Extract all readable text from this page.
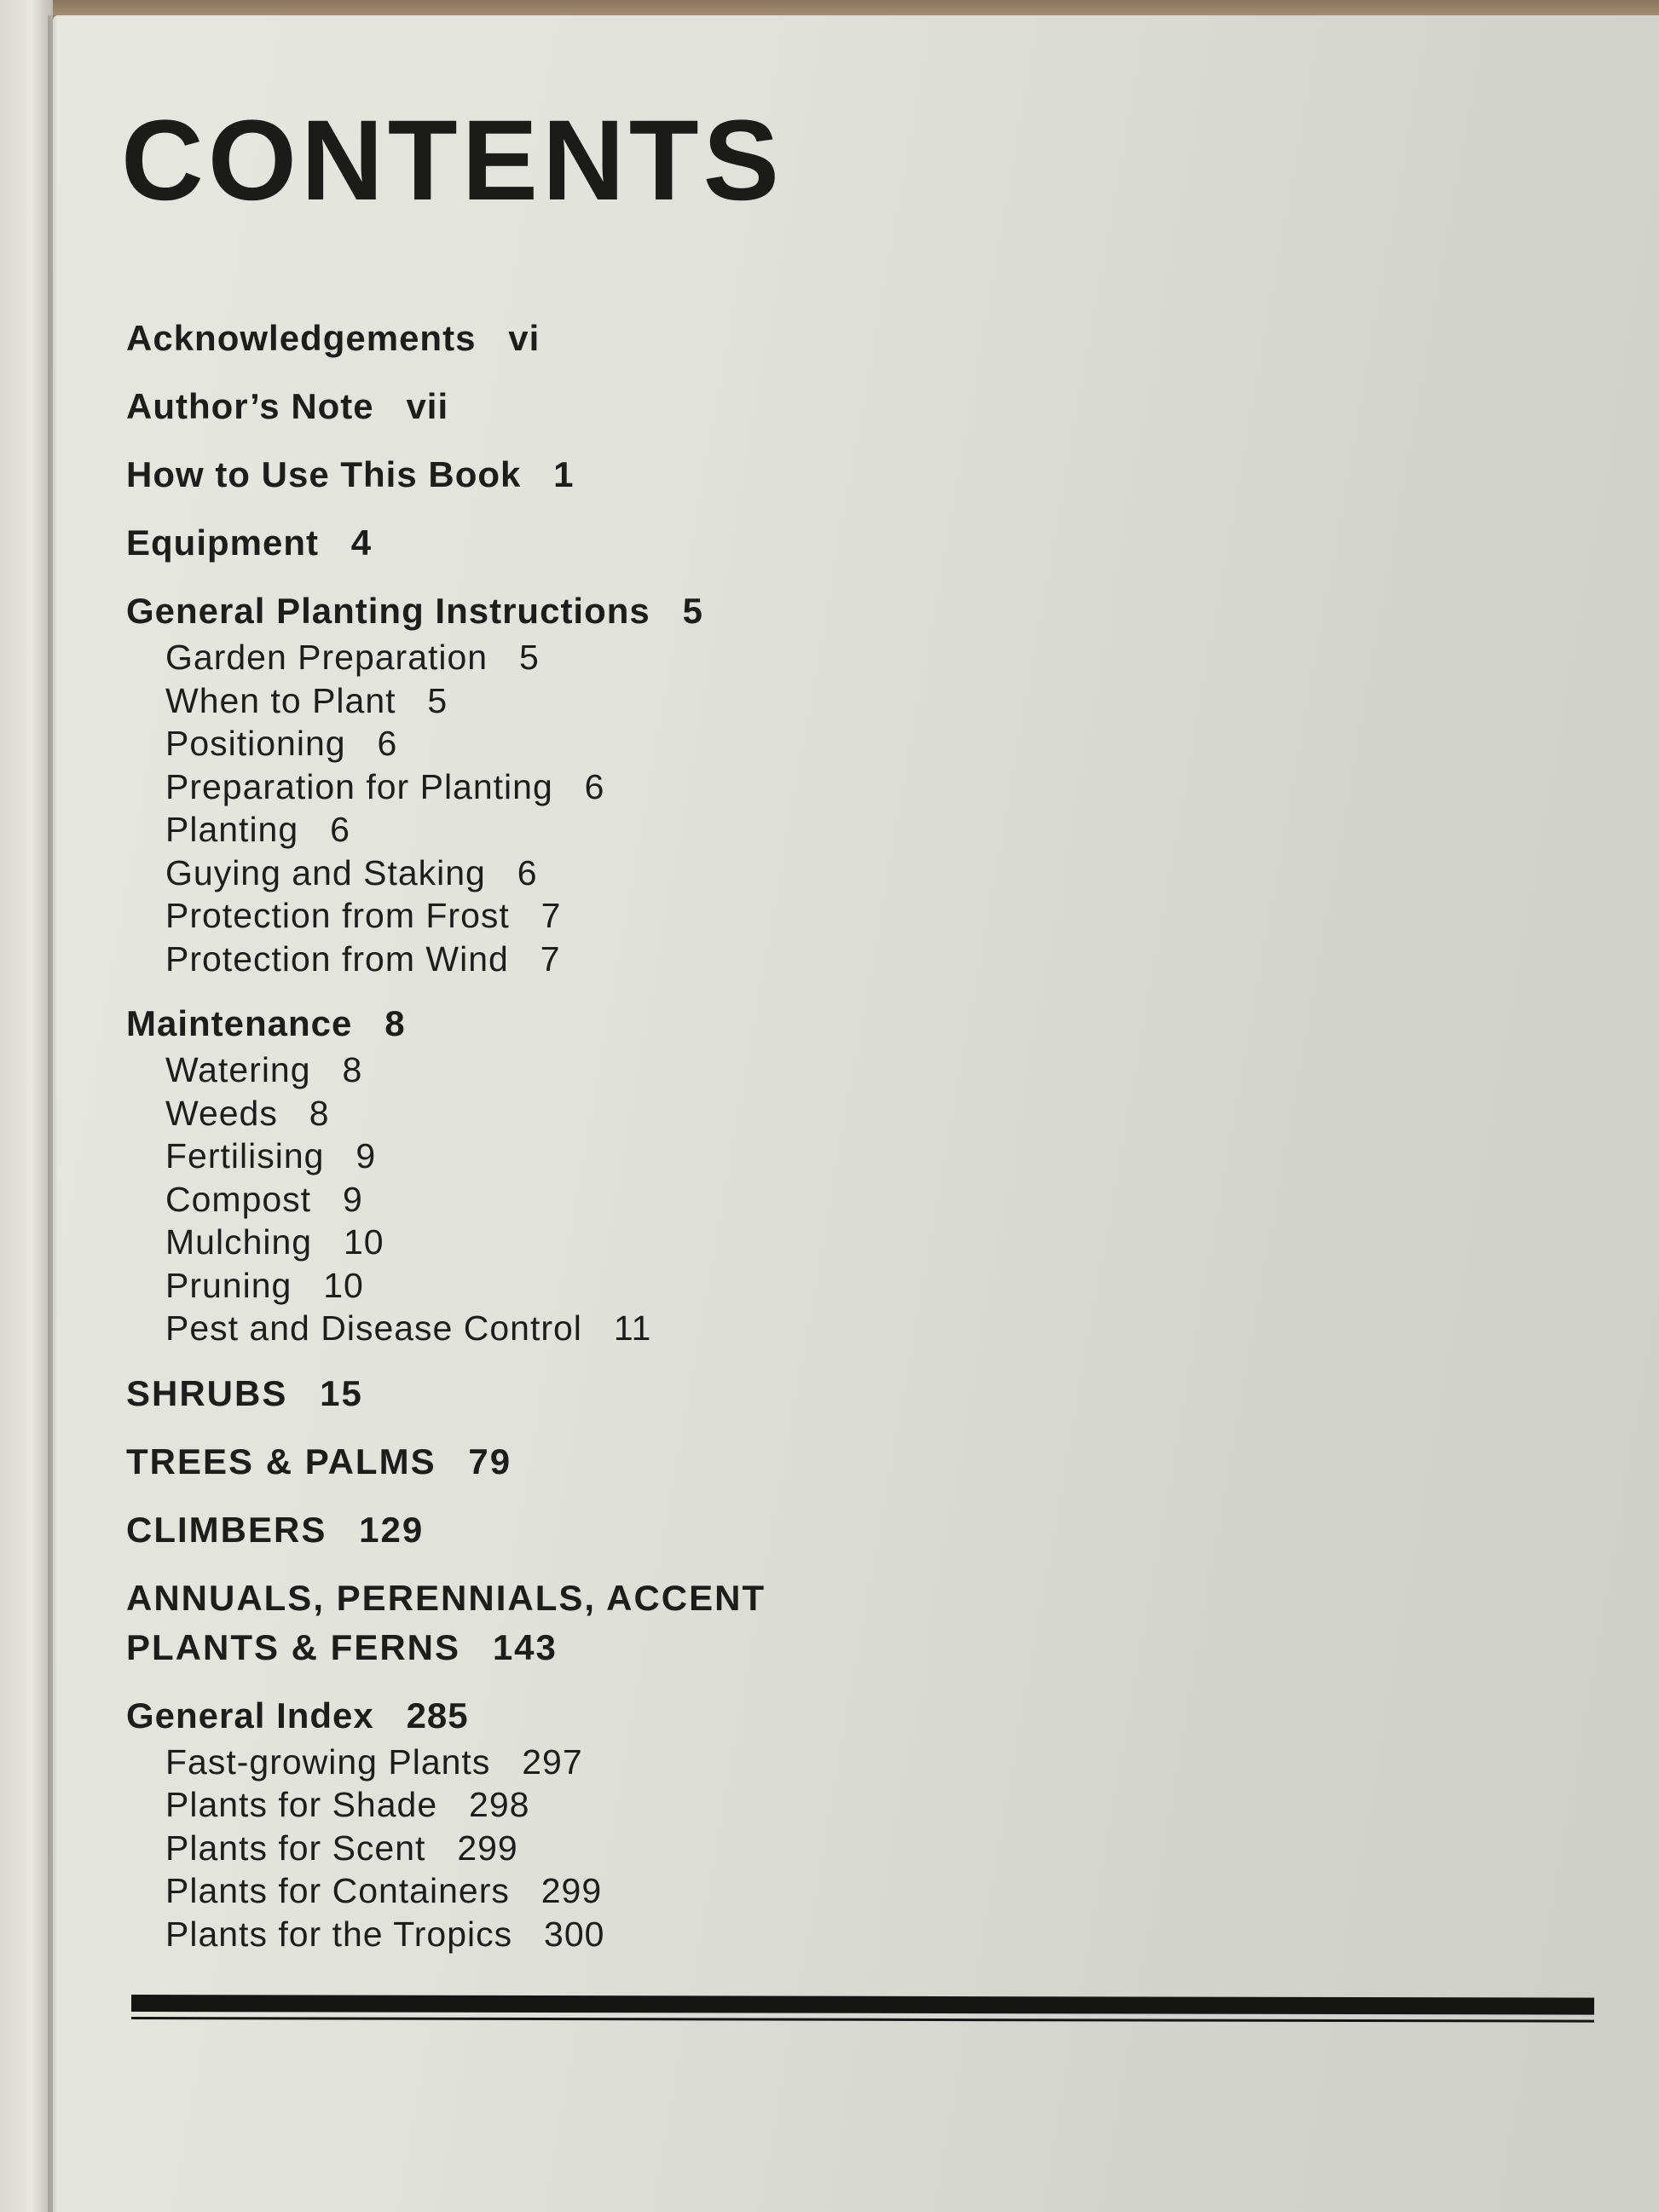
CONTENTS
Acknowledgements vi
Author’s Note vii
How to Use This Book 1
Equipment 4
General Planting Instructions 5
Garden Preparation 5
When to Plant 5
Positioning 6
Preparation for Planting 6
Planting 6
Guying and Staking 6
Protection from Frost 7
Protection from Wind 7
Maintenance 8
Watering 8
Weeds 8
Fertilising 9
Compost 9
Mulching 10
Pruning 10
Pest and Disease Control 11
SHRUBS 15
TREES & PALMS 79
CLIMBERS 129
ANNUALS, PERENNIALS, ACCENT
PLANTS & FERNS 143
General Index 285
Fast-growing Plants 297
Plants for Shade 298
Plants for Scent 299
Plants for Containers 299
Plants for the Tropics 300
